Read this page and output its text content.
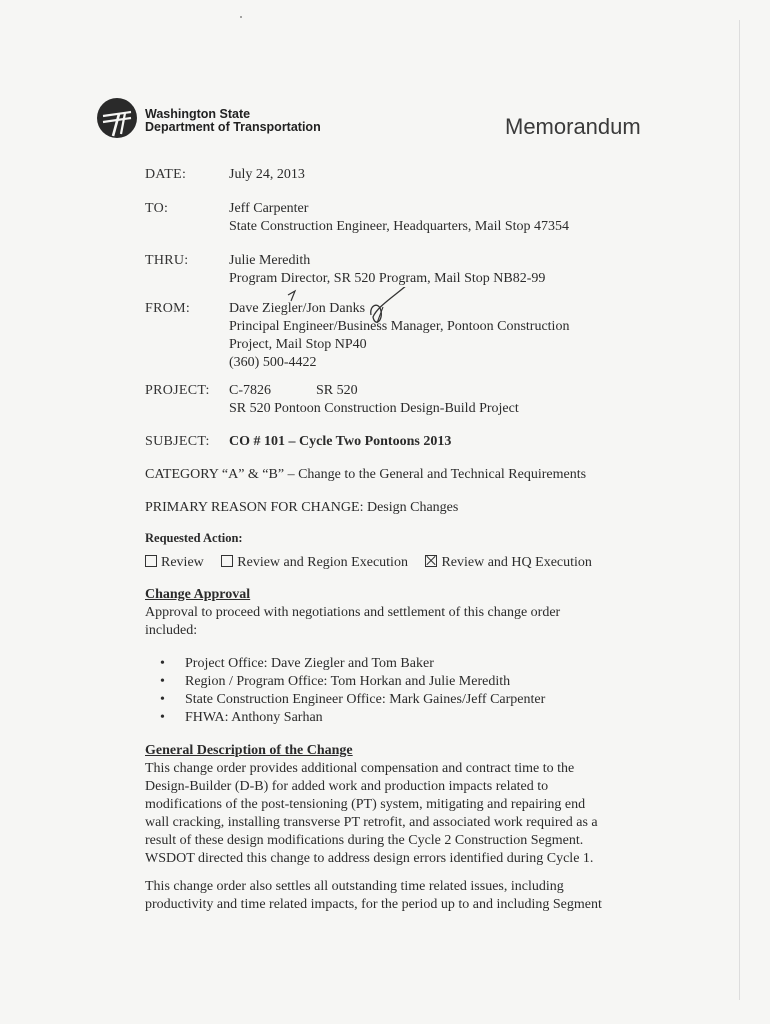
Washington State
Department of Transportation	Memorandum
DATE:	July 24, 2013
TO:	Jeff Carpenter
State Construction Engineer, Headquarters, Mail Stop 47354
THRU:	Julie Meredith
Program Director, SR 520 Program, Mail Stop NB82-99
FROM:	Dave Ziegler/Jon Danks
Principal Engineer/Business Manager, Pontoon Construction
Project, Mail Stop NP40
(360) 500-4422
PROJECT: C-7826	SR 520
SR 520 Pontoon Construction Design-Build Project
SUBJECT: CO # 101 – Cycle Two Pontoons 2013
CATEGORY “A” & “B” – Change to the General and Technical Requirements
PRIMARY REASON FOR CHANGE: Design Changes
Requested Action:
Review Review and Region Execution Review and HQ Execution
Change Approval
Approval to proceed with negotiations and settlement of this change order
included:
• Project Office: Dave Ziegler and Tom Baker
• Region / Program Office: Tom Horkan and Julie Meredith
• State Construction Engineer Office: Mark Gaines/Jeff Carpenter
• FHWA: Anthony Sarhan
General Description of the Change
This change order provides additional compensation and contract time to the
Design-Builder (D-B) for added work and production impacts related to
modifications of the post-tensioning (PT) system, mitigating and repairing end
wall cracking, installing transverse PT retrofit, and associated work required as a
result of these design modifications during the Cycle 2 Construction Segment.
WSDOT directed this change to address design errors identified during Cycle 1.
This change order also settles all outstanding time related issues, including
productivity and time related impacts, for the period up to and including Segment
